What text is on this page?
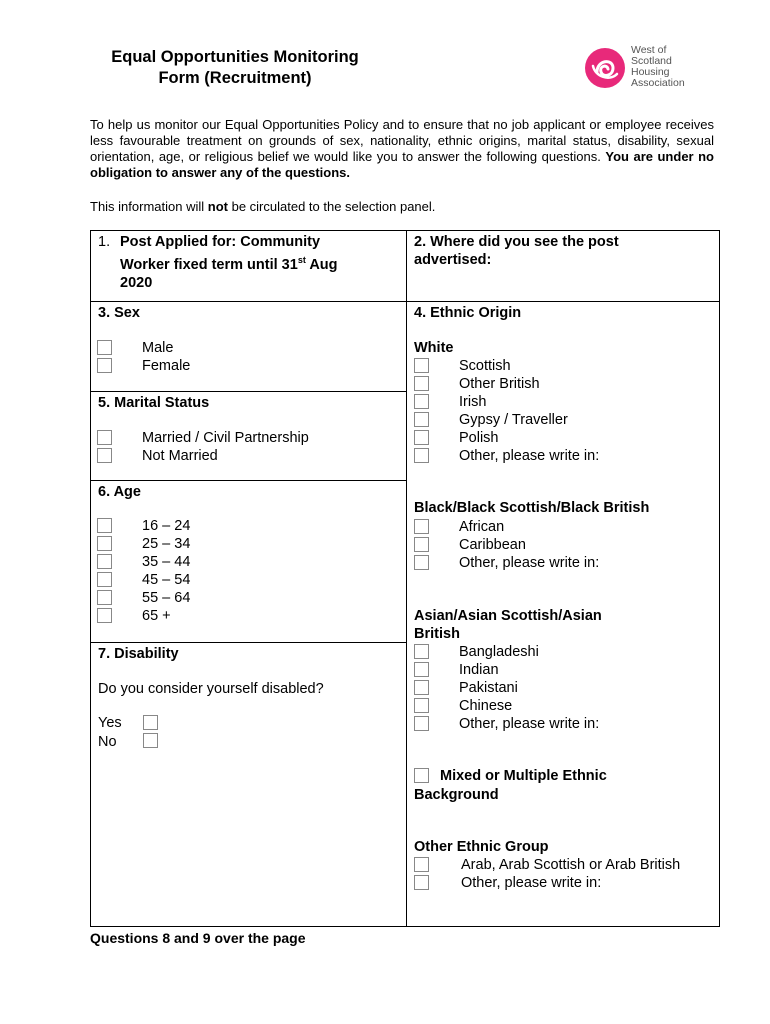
Equal Opportunities Monitoring
Form (Recruitment)
West of
Scotland
Housing
Association
To help us monitor our Equal Opportunities Policy and to ensure that no job applicant or employee receives less favourable treatment on grounds of sex, nationality, ethnic origins, marital status, disability, sexual orientation, age, or religious belief we would like you to answer the following questions. You are under no obligation to answer any of the questions.
This information will not be circulated to the selection panel.
1. Post Applied for: Community
Worker fixed term until 31st Aug
2020
2. Where did you see the post
advertised:
3. Sex
Male
Female
5. Marital Status
Married / Civil Partnership
Not Married
6. Age
16 – 24
25 – 34
35 – 44
45 – 54
55 – 64
65 +
7. Disability
Do you consider yourself disabled?
Yes
No
4. Ethnic Origin
White
Scottish
Other British
Irish
Gypsy / Traveller
Polish
Other, please write in:
Black/Black Scottish/Black British
African
Caribbean
Other, please write in:
Asian/Asian Scottish/Asian
British
Bangladeshi
Indian
Pakistani
Chinese
Other, please write in:
Mixed or Multiple Ethnic
Background
Other Ethnic Group
Arab, Arab Scottish or Arab British
Other, please write in:
Questions 8 and 9 over the page
